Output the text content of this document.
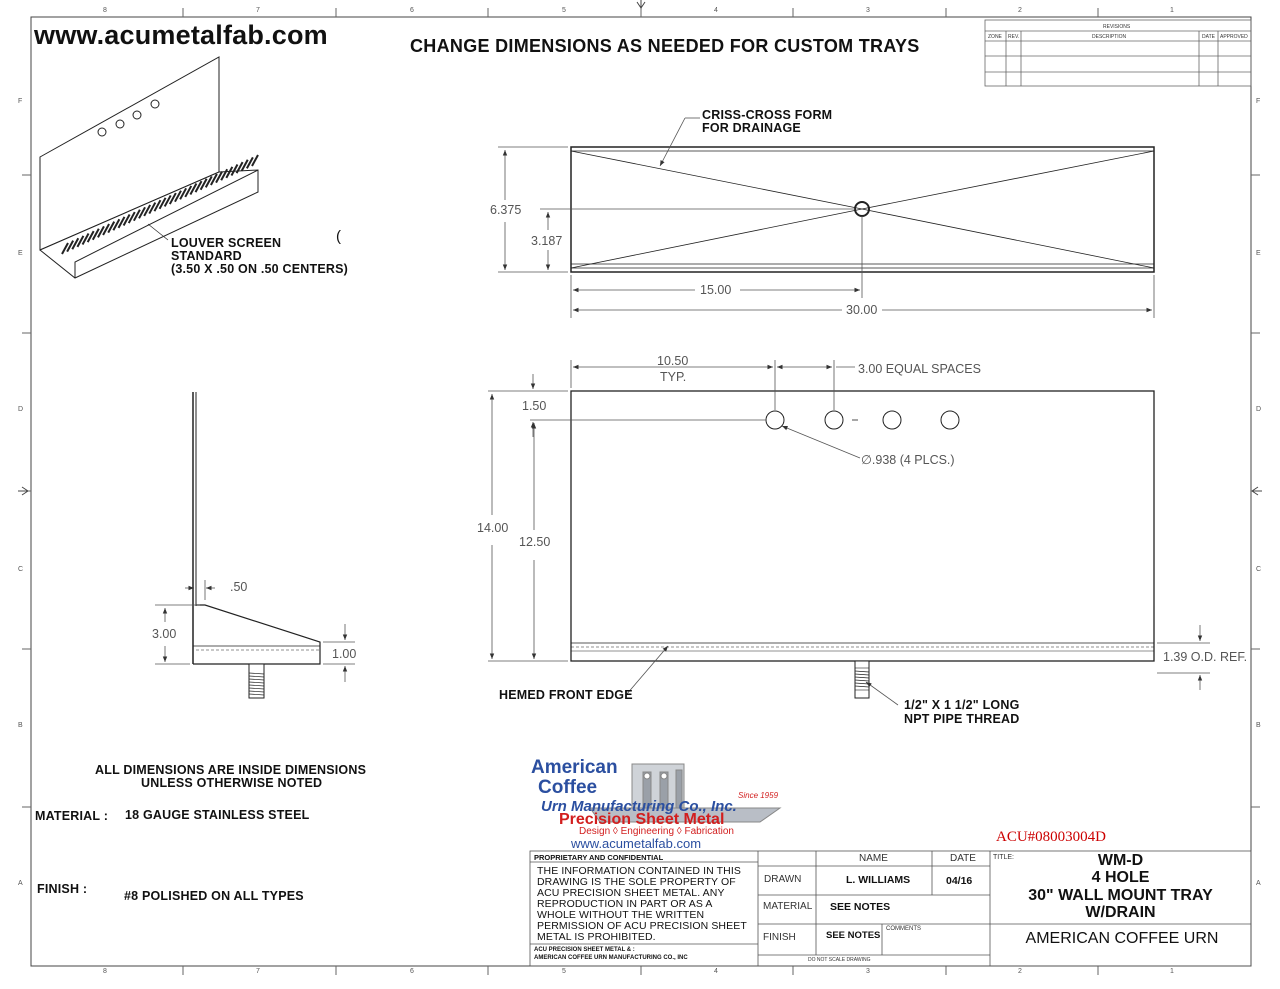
8	7	6	5	4	3	2	1
8	7	6	5	4	3	2	1
F
E
D
C
B
A
F
E
D
C
B
A
www.acumetalfab.com	CHANGE DIMENSIONS AS NEEDED FOR CUSTOM TRAYS
REVISIONS
ZONE REV.	DESCRIPTION	DATE APPROVED
LOUVER SCREEN
STANDARD
(3.50 X .50 ON .50 CENTERS)
(
CRISS-CROSS FORM
FOR DRAINAGE
6.375
3.187
15.00
30.00
10.50
TYP.
3.00 EQUAL SPACES
1.50
∅.938 (4 PLCS.)
14.00
12.50
1.39 O.D. REF.
HEMED FRONT EDGE
1/2" X 1 1/2" LONG
NPT PIPE THREAD
.50
3.00
1.00
ALL DIMENSIONS ARE INSIDE DIMENSIONS
UNLESS OTHERWISE NOTED
MATERIAL : 18 GAUGE STAINLESS STEEL
FINISH :	#8 POLISHED ON ALL TYPES
American
Coffee
Urn Manufacturing Co., Inc.
Since 1959
Precision Sheet Metal
Design ◊ Engineering ◊ Fabrication
www.acumetalfab.com	ACU#08003004D
PROPRIETARY AND CONFIDENTIAL
THE INFORMATION CONTAINED IN THIS DRAWING IS THE SOLE PROPERTY OF ACU PRECISION SHEET METAL. ANY REPRODUCTION IN PART OR AS A WHOLE WITHOUT THE WRITTEN PERMISSION OF ACU PRECISION SHEET METAL IS PROHIBITED.
ACU PRECISION SHEET METAL & :
AMERICAN COFFEE URN MANUFACTURING CO., INC
NAME	DATE
DRAWN	L. WILLIAMS	04/16
MATERIAL SEE NOTES
FINISH	SEE NOTES
COMMENTS
DO NOT SCALE DRAWING
TITLE:	WM-D
4 HOLE
30" WALL MOUNT TRAY
W/DRAIN
AMERICAN COFFEE URN
